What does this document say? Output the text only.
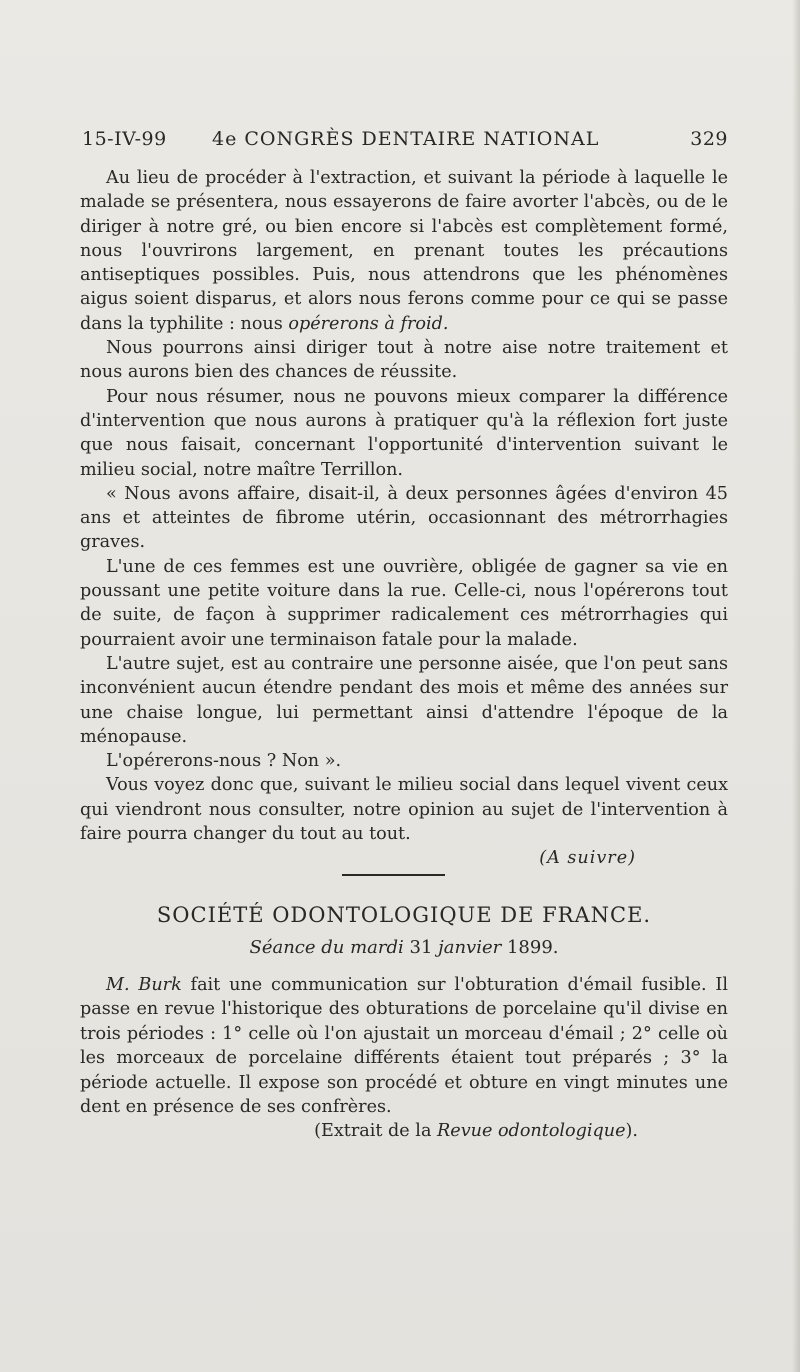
15-IV-99 4e CONGRÈS DENTAIRE NATIONAL	329

Au lieu de procéder à l'extraction, et suivant la période à laquelle le malade se présentera, nous essayerons de faire avorter l'abcès, ou de le diriger à notre gré, ou bien encore si l'abcès est complètement formé, nous l'ouvrirons largement, en prenant toutes les précautions antiseptiques possibles. Puis, nous attendrons que les phénomènes aigus soient disparus, et alors nous ferons comme pour ce qui se passe dans la typhilite : nous opérerons à froid.

Nous pourrons ainsi diriger tout à notre aise notre traitement et nous aurons bien des chances de réussite.

Pour nous résumer, nous ne pouvons mieux comparer la différence d'intervention que nous aurons à pratiquer qu'à la réflexion fort juste que nous faisait, concernant l'opportunité d'intervention suivant le milieu social, notre maître Terrillon.

« Nous avons affaire, disait-il, à deux personnes âgées d'environ 45 ans et atteintes de fibrome utérin, occasionnant des métrorrhagies graves.

L'une de ces femmes est une ouvrière, obligée de gagner sa vie en poussant une petite voiture dans la rue. Celle-ci, nous l'opérerons tout de suite, de façon à supprimer radicalement ces métrorrhagies qui pourraient avoir une terminaison fatale pour la malade.

L'autre sujet, est au contraire une personne aisée, que l'on peut sans inconvénient aucun étendre pendant des mois et même des années sur une chaise longue, lui permettant ainsi d'attendre l'époque de la ménopause.

L'opérerons-nous ? Non ».

Vous voyez donc que, suivant le milieu social dans lequel vivent ceux qui viendront nous consulter, notre opinion au sujet de l'intervention à faire pourra changer du tout au tout.

(A suivre)

SOCIÉTÉ ODONTOLOGIQUE DE FRANCE.
Séance du mardi 31 janvier 1899.

M. Burk fait une communication sur l'obturation d'émail fusible. Il passe en revue l'historique des obturations de porcelaine qu'il divise en trois périodes : 1° celle où l'on ajustait un morceau d'émail ; 2° celle où les morceaux de porcelaine différents étaient tout préparés ; 3° la période actuelle. Il expose son procédé et obture en vingt minutes une dent en présence de ses confrères.

(Extrait de la Revue odontologique).
